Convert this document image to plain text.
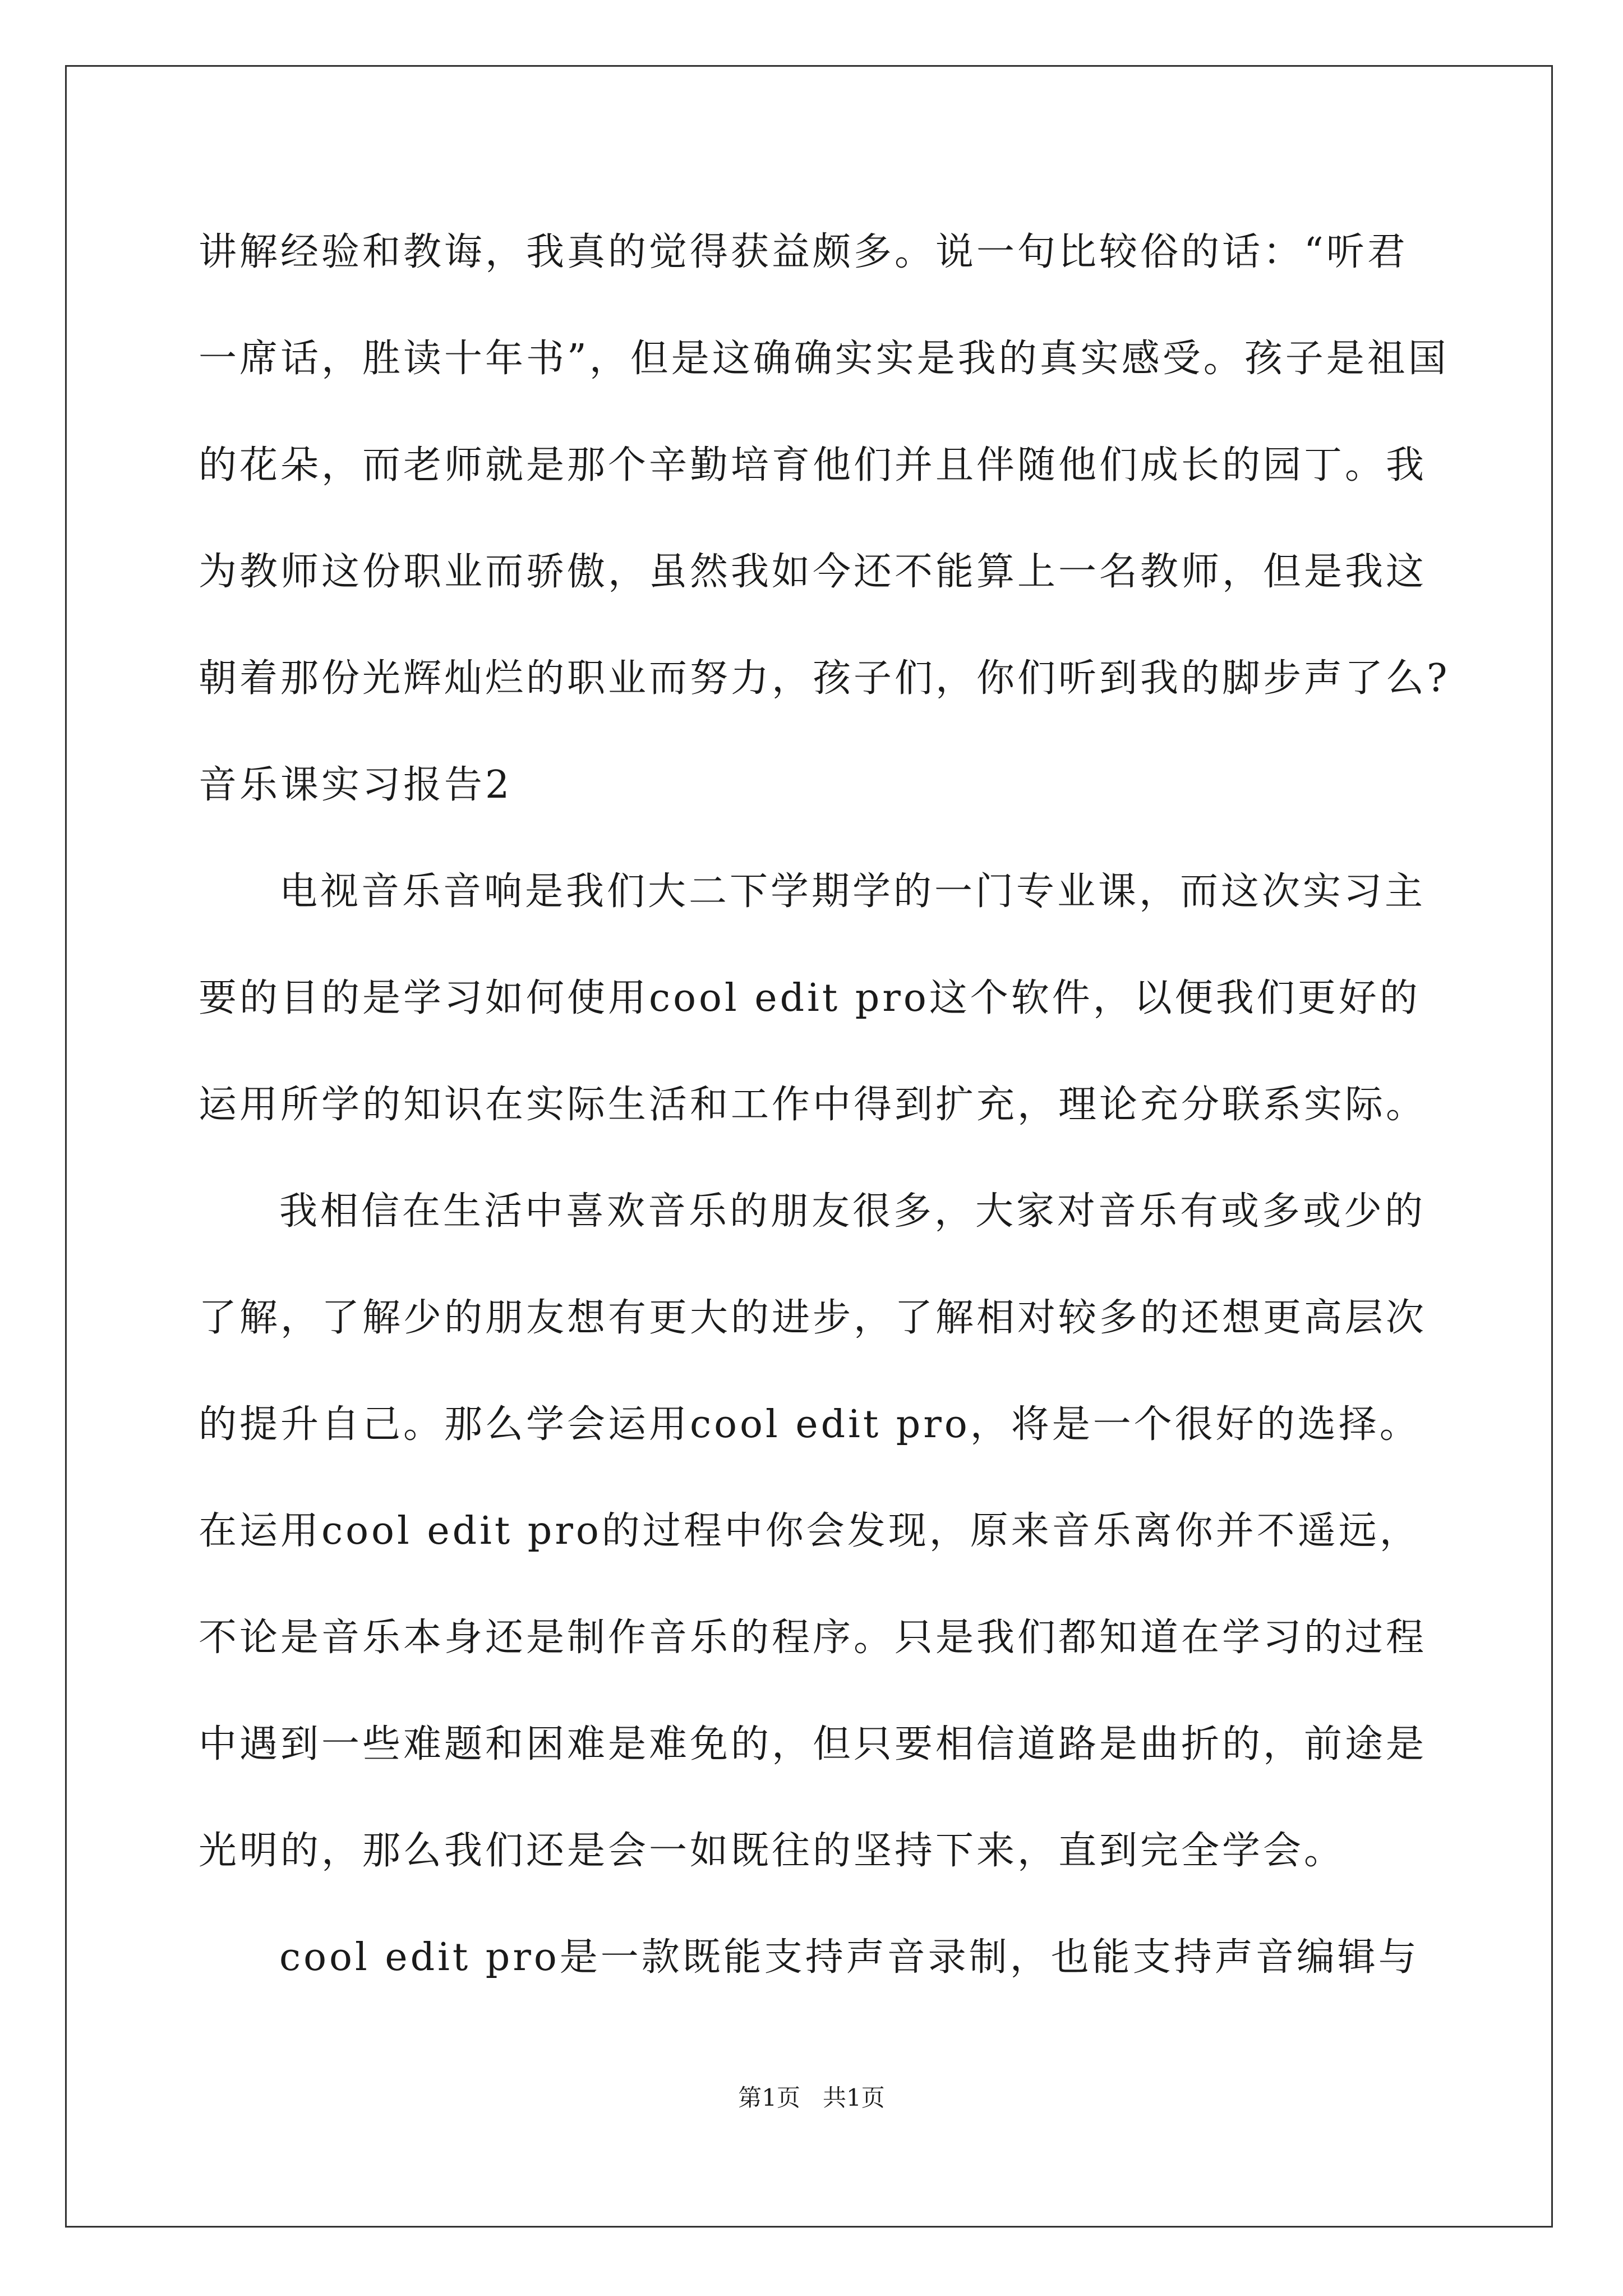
讲解经验和教诲，我真的觉得获益颇多。说一句比较俗的话：“听君
一席话，胜读十年书”，但是这确确实实是我的真实感受。孩子是祖国
的花朵，而老师就是那个辛勤培育他们并且伴随他们成长的园丁。我
为教师这份职业而骄傲，虽然我如今还不能算上一名教师，但是我这
朝着那份光辉灿烂的职业而努力，孩子们，你们听到我的脚步声了么?
音乐课实习报告2
电视音乐音响是我们大二下学期学的一门专业课，而这次实习主
要的目的是学习如何使用cool edit pro这个软件，以便我们更好的
运用所学的知识在实际生活和工作中得到扩充，理论充分联系实际。
我相信在生活中喜欢音乐的朋友很多，大家对音乐有或多或少的
了解，了解少的朋友想有更大的进步，了解相对较多的还想更高层次
的提升自己。那么学会运用cool edit pro，将是一个很好的选择。
在运用cool edit pro的过程中你会发现，原来音乐离你并不遥远，
不论是音乐本身还是制作音乐的程序。只是我们都知道在学习的过程
中遇到一些难题和困难是难免的，但只要相信道路是曲折的，前途是
光明的，那么我们还是会一如既往的坚持下来，直到完全学会。
cool edit pro是一款既能支持声音录制，也能支持声音编辑与
第1页   共1页
